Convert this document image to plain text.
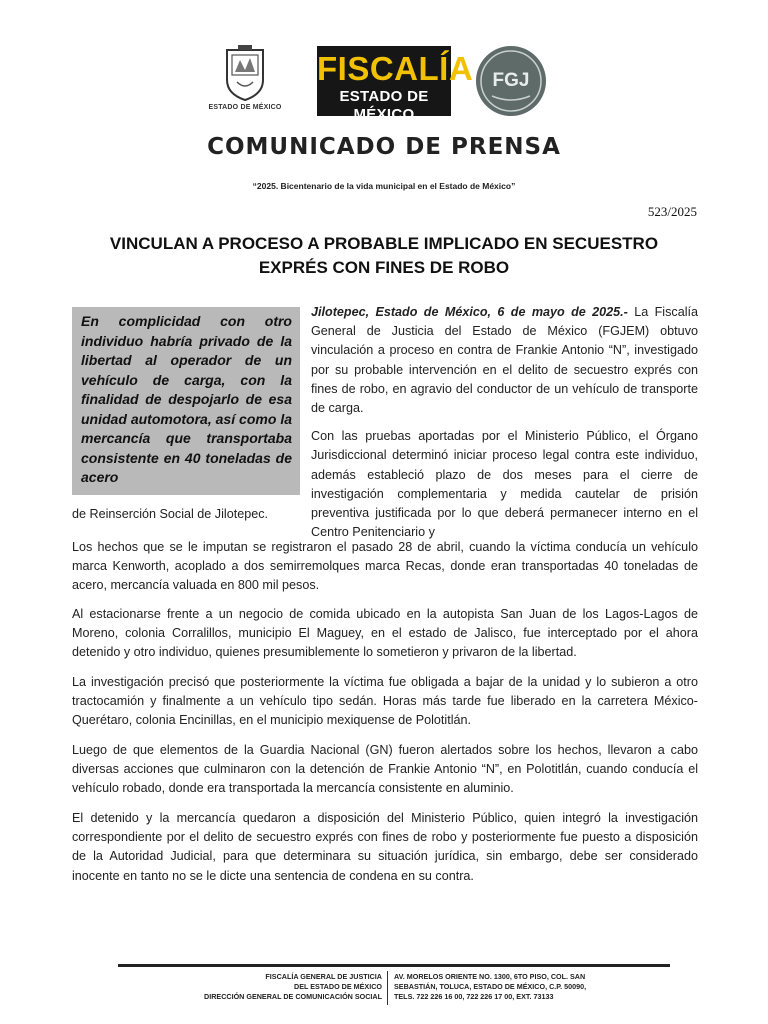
ESTADO DE MÉXICO
FISCALÍA
ESTADO DE MÉXICO
FGJ
COMUNICADO DE PRENSA
“2025. Bicentenario de la vida municipal en el Estado de México”
523/2025
VINCULAN A PROCESO A PROBABLE IMPLICADO EN SECUESTRO
EXPRÉS CON FINES DE ROBO
En complicidad con otro individuo habría privado de la libertad al operador de un vehículo de carga, con la finalidad de despojarlo de esa unidad automotora, así como la mercancía que transportaba consistente en 40 toneladas de acero

Jilotepec, Estado de México, 6 de mayo de 2025.- La Fiscalía General de Justicia del Estado de México (FGJEM) obtuvo vinculación a proceso en contra de Frankie Antonio “N”, investigado por su probable intervención en el delito de secuestro exprés con fines de robo, en agravio del conductor de un vehículo de transporte de carga.

Con las pruebas aportadas por el Ministerio Público, el Órgano Jurisdiccional determinó iniciar proceso legal contra este individuo, además estableció plazo de dos meses para el cierre de investigación complementaria y medida cautelar de prisión preventiva justificada por lo que deberá permanecer interno en el Centro Penitenciario y

de Reinserción Social de Jilotepec.
Los hechos que se le imputan se registraron el pasado 28 de abril, cuando la víctima conducía un vehículo marca Kenworth, acoplado a dos semirremolques marca Recas, donde eran transportadas 40 toneladas de acero, mercancía valuada en 800 mil pesos.
Al estacionarse frente a un negocio de comida ubicado en la autopista San Juan de los Lagos-Lagos de Moreno, colonia Corralillos, municipio El Maguey, en el estado de Jalisco, fue interceptado por el ahora detenido y otro individuo, quienes presumiblemente lo sometieron y privaron de la libertad.
La investigación precisó que posteriormente la víctima fue obligada a bajar de la unidad y lo subieron a otro tractocamión y finalmente a un vehículo tipo sedán. Horas más tarde fue liberado en la carretera México-Querétaro, colonia Encinillas, en el municipio mexiquense de Polotitlán.
Luego de que elementos de la Guardia Nacional (GN) fueron alertados sobre los hechos, llevaron a cabo diversas acciones que culminaron con la detención de Frankie Antonio “N”, en Polotitlán, cuando conducía el vehículo robado, donde era transportada la mercancía consistente en aluminio.
El detenido y la mercancía quedaron a disposición del Ministerio Público, quien integró la investigación correspondiente por el delito de secuestro exprés con fines de robo y posteriormente fue puesto a disposición de la Autoridad Judicial, para que determinara su situación jurídica, sin embargo, debe ser considerado inocente en tanto no se le dicte una sentencia de condena en su contra.
FISCALÍA GENERAL DE JUSTICIA
DEL ESTADO DE MÉXICO
DIRECCIÓN GENERAL DE COMUNICACIÓN SOCIAL
AV. MORELOS ORIENTE NO. 1300, 6TO PISO, COL. SAN
SEBASTIÁN, TOLUCA, ESTADO DE MÉXICO, C.P. 50090,
TELS. 722 226 16 00, 722 226 17 00, EXT. 73133
